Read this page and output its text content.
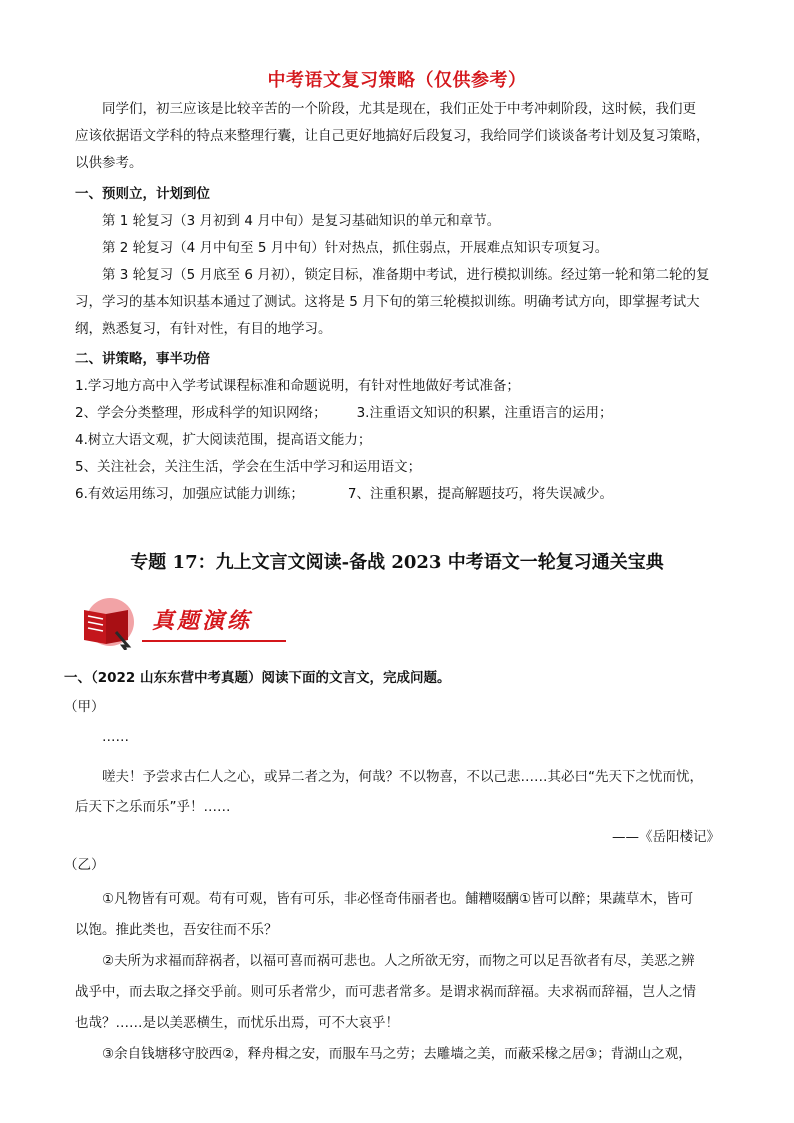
中考语文复习策略（仅供参考）
同学们，初三应该是比较辛苦的一个阶段，尤其是现在，我们正处于中考冲刺阶段，这时候，我们更
应该依据语文学科的特点来整理行囊，让自己更好地搞好后段复习，我给同学们谈谈备考计划及复习策略，
以供参考。
一、预则立，计划到位
第 1 轮复习（3 月初到 4 月中旬）是复习基础知识的单元和章节。
第 2 轮复习（4 月中旬至 5 月中旬）针对热点，抓住弱点，开展难点知识专项复习。
第 3 轮复习（5 月底至 6 月初），锁定目标，准备期中考试，进行模拟训练。经过第一轮和第二轮的复
习，学习的基本知识基本通过了测试。这将是 5 月下旬的第三轮模拟训练。明确考试方向，即掌握考试大
纲，熟悉复习，有针对性，有目的地学习。
二、讲策略，事半功倍
1.学习地方高中入学考试课程标准和命题说明，有针对性地做好考试准备；
2、学会分类整理，形成科学的知识网络； 3.注重语文知识的积累，注重语言的运用；
4.树立大语文观，扩大阅读范围，提高语文能力；
5、关注社会，关注生活，学会在生活中学习和运用语文；
6.有效运用练习，加强应试能力训练；	7、注重积累，提高解题技巧，将失误减少。
专题 17：九上文言文阅读-备战 2023 中考语文一轮复习通关宝典
真题演练
一、（2022 山东东营中考真题）阅读下面的文言文，完成问题。
（甲）
……
嗟夫！予尝求古仁人之心，或异二者之为，何哉？不以物喜，不以己悲……其必曰“先天下之忧而忧，
后天下之乐而乐”乎！……
——《岳阳楼记》
（乙）
①凡物皆有可观。苟有可观，皆有可乐，非必怪奇伟丽者也。餔糟啜醨①皆可以醉；果蔬草木，皆可
以饱。推此类也，吾安往而不乐？
②夫所为求福而辞祸者，以福可喜而祸可悲也。人之所欲无穷，而物之可以足吾欲者有尽，美恶之辨
战乎中，而去取之择交乎前。则可乐者常少，而可悲者常多。是谓求祸而辞福。夫求祸而辞福，岂人之情
也哉？……是以美恶横生，而忧乐出焉，可不大哀乎！
③余自钱塘移守胶西②，释舟楫之安，而服车马之劳；去雕墙之美，而蔽采椽之居③；背湖山之观，
